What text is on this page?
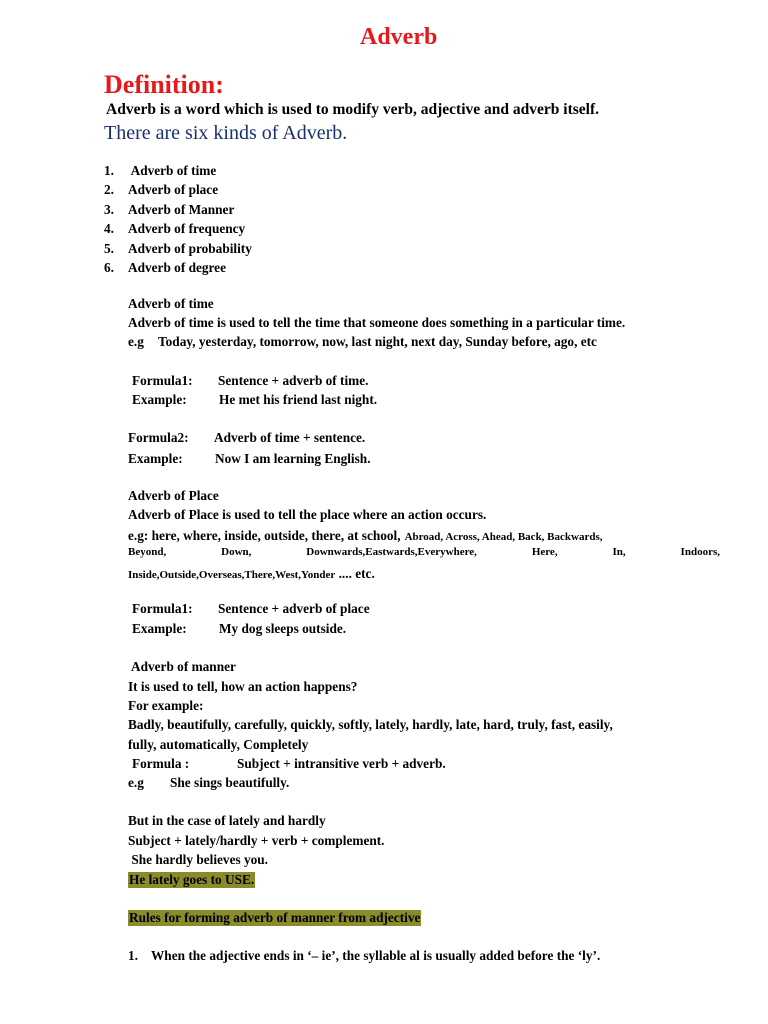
Adverb
Definition:
Adverb is a word which is used to modify verb, adjective and adverb itself.
There are six kinds of Adverb.
1. Adverb of time
2. Adverb of place
3. Adverb of Manner
4. Adverb of frequency
5. Adverb of probability
6. Adverb of degree
Adverb of time
Adverb of time is used to tell the time that someone does something in a particular time.
e.g Today, yesterday, tomorrow, now, last night, next day, Sunday before, ago, etc
Formula1: Sentence + adverb of time.
Example: He met his friend last night.
Formula2: Adverb of time + sentence.
Example: Now I am learning English.
Adverb of Place
Adverb of Place is used to tell the place where an action occurs.
e.g: here, where, inside, outside, there, at school, Abroad, Across, Ahead, Back, Backwards,
Beyond,	Down,	Downwards,Eastwards,Everywhere,	Here,	In,	Indoors,
Inside,Outside,Overseas,There,West,Yonder .... etc.
Formula1: Sentence + adverb of place
Example: My dog sleeps outside.
Adverb of manner
It is used to tell, how an action happens?
For example:
Badly, beautifully, carefully, quickly, softly, lately, hardly, late, hard, truly, fast, easily,
fully, automatically, Completely
Formula :	Subject + intransitive verb + adverb.
e.g She sings beautifully.
But in the case of lately and hardly
Subject + lately/hardly + verb + complement.
She hardly believes you.
He lately goes to USE.
Rules for forming adverb of manner from adjective
1. When the adjective ends in ‘– ie’, the syllable al is usually added before the ‘ly’.
